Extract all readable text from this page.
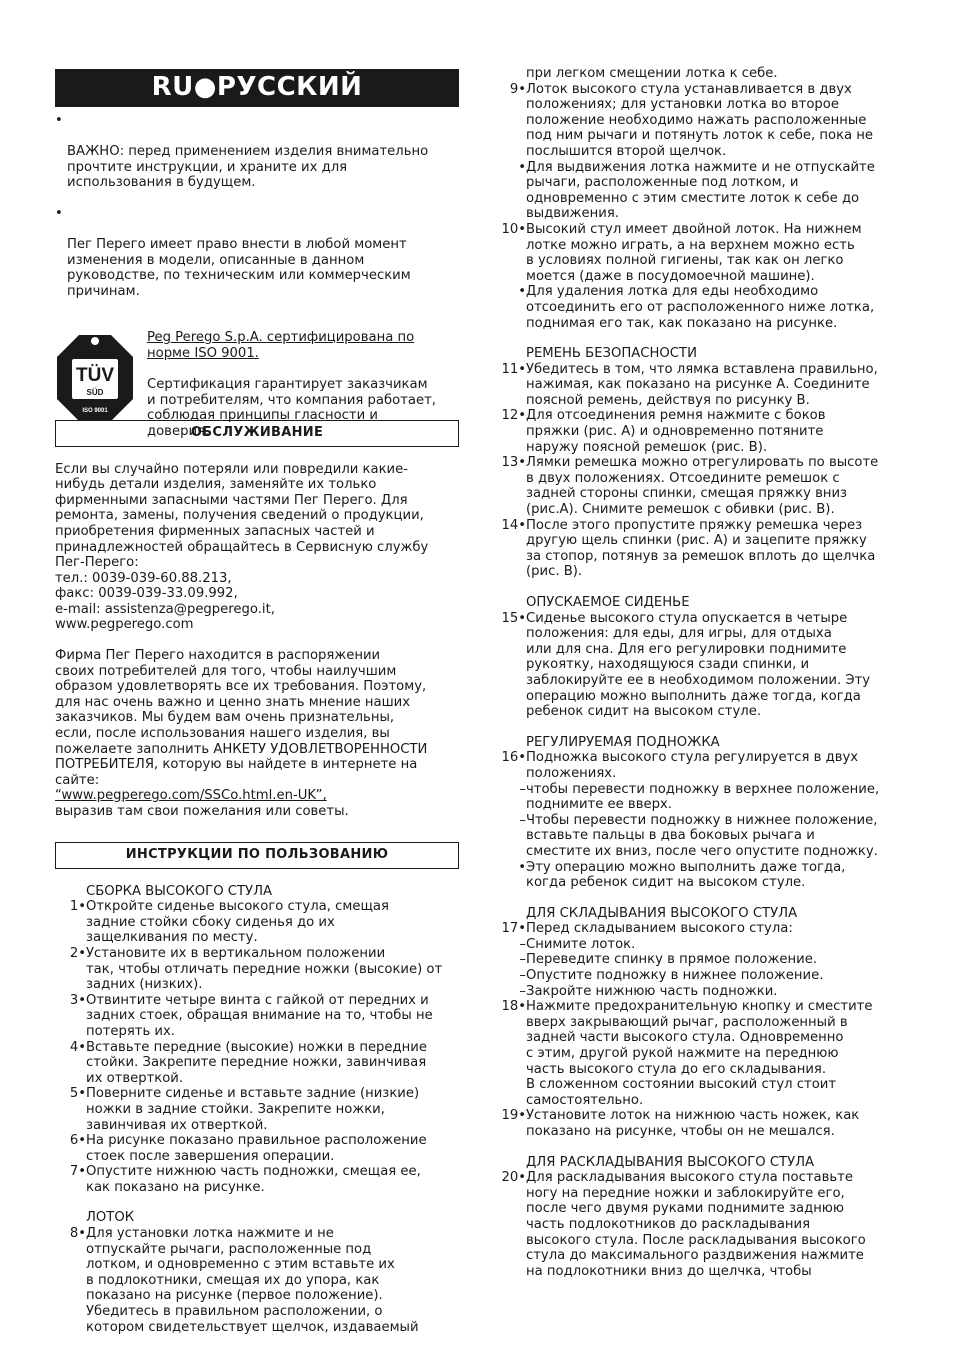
RU●РУССКИЙ

•

ВАЖНО: перед применением изделия внимательно
прочтите инструкции, и храните их для
использования в будущем.

•

Пег Перего имеет право внести в любой момент
изменения в модели, описанные в данном
руководстве, по техническим или коммерческим
причинам.

TÜV
SÜD
ISO 9001

Peg Perego S.p.A. сертифицирована по
норме ISO 9001.

Сертификация гарантирует заказчикам
и потребителям, что компания работает,
соблюдая принципы гласности и
доверия.

ОБСЛУЖИВАНИЕ
Если вы случайно потеряли или повредили какие-
нибудь детали изделия, заменяйте их только
фирменными запасными частями Пег Перего. Для
ремонта, замены, получения сведений о продукции,
приобретения фирменных запасных частей и
принадлежностей обращайтесь в Сервисную службу
Пег-Перего:
тел.: 0039-039-60.88.213,
факс: 0039-039-33.09.992,
e-mail: assistenza@pegperego.it,
www.pegperego.com
Фирма Пег Перего находится в распоряжении
своих потребителей для того, чтобы наилучшим
образом удовлетворять все их требования. Поэтому,
для нас очень важно и ценно знать мнение наших
заказчиков. Мы будем вам очень признательны,
если, после использования нашего изделия, вы
пожелаете заполнить АНКЕТУ УДОВЛЕТВОРЕННОСТИ
ПОТРЕБИТЕЛЯ, которую вы найдете в интернете на
сайте:
“www.pegperego.com/SSCo.html.en-UK”,
выразив там свои пожелания или советы.
ИНСТРУКЦИИ ПО ПОЛЬЗОВАНИЮ
СБОРКА ВЫСОКОГО СТУЛА
1• Откройте сиденье высокого стула, смещая
задние стойки сбоку сиденья до их
защелкивания по месту.
2• Установите их в вертикальном положении
так, чтобы отличать передние ножки (высокие) от
задних (низких).
3• Отвинтите четыре винта с гайкой от передних и
задних стоек, обращая внимание на то, чтобы не
потерять их.
4• Вставьте передние (высокие) ножки в передние
стойки. Закрепите передние ножки, завинчивая
их отверткой.
5• Поверните сиденье и вставьте задние (низкие)
ножки в задние стойки. Закрепите ножки,
завинчивая их отверткой.
6• На рисунке показано правильное расположение
стоек после завершения операции.
7• Опустите нижнюю часть подножки, смещая ее,
как показано на рисунке.
ЛОТОК
8• Для установки лотка нажмите и не
отпускайте рычаги, расположенные под
лотком, и одновременно с этим вставьте их
в подлокотники, смещая их до упора, как
показано на рисунке (первое положение).
Убедитесь в правильном расположении, о
котором свидетельствует щелчок, издаваемый
при легком смещении лотка к себе.
9• Лоток высокого стула устанавливается в двух
положениях; для установки лотка во второе
положение необходимо нажать расположенные
под ним рычаги и потянуть лоток к себе, пока не
послышится второй щелчок.
• Для выдвижения лотка нажмите и не отпускайте
рычаги, расположенные под лотком, и
одновременно с этим сместите лоток к себе до
выдвижения.
10• Высокий стул имеет двойной лоток. На нижнем
лотке можно играть, а на верхнем можно есть
в условиях полной гигиены, так как он легко
моется (даже в посудомоечной машине).
• Для удаления лотка для еды необходимо
отсоединить его от расположенного ниже лотка,
поднимая его так, как показано на рисунке.
РЕМЕНЬ БЕЗОПАСНОСТИ
11• Убедитесь в том, что лямка вставлена правильно,
нажимая, как показано на рисунке А. Соедините
поясной ремень, действуя по рисунку В.
12• Для отсоединения ремня нажмите с боков
пряжки (рис. А) и одновременно потяните
наружу поясной ремешок (рис. В).
13• Лямки ремешка можно отрегулировать по высоте
в двух положениях. Отсоедините ремешок с
задней стороны спинки, смещая пряжку вниз
(рис.А). Снимите ремешок с обивки (рис. В).
14• После этого пропустите пряжку ремешка через
другую щель спинки (рис. А) и зацепите пряжку
за стопор, потянув за ремешок вплоть до щелчка
(рис. В).
ОПУСКАЕМОЕ СИДЕНЬЕ
15• Сиденье высокого стула опускается в четыре
положения: для еды, для игры, для отдыха
или для сна. Для его регулировки поднимите
рукоятку, находящуюся сзади спинки, и
заблокируйте ее в необходимом положении. Эту
операцию можно выполнить даже тогда, когда
ребенок сидит на высоком стуле.
РЕГУЛИРУЕМАЯ ПОДНОЖКА
16• Подножка высокого стула регулируется в двух
положениях.
– чтобы перевести подножку в верхнее положение,
поднимите ее вверх.
– Чтобы перевести подножку в нижнее положение,
вставьте пальцы в два боковых рычага и
сместите их вниз, после чего опустите подножку.
• Эту операцию можно выполнить даже тогда,
когда ребенок сидит на высоком стуле.
ДЛЯ СКЛАДЫВАНИЯ ВЫСОКОГО СТУЛА
17• Перед складыванием высокого стула:
– Снимите лоток.
– Переведите спинку в прямое положение.
– Опустите подножку в нижнее положение.
– Закройте нижнюю часть подножки.
18• Нажмите предохранительную кнопку и сместите
вверх закрывающий рычаг, расположенный в
задней части высокого стула. Одновременно
с этим, другой рукой нажмите на переднюю
часть высокого стула до его складывания.
В сложенном состоянии высокий стул стоит
самостоятельно.
19• Установите лоток на нижнюю часть ножек, как
показано на рисунке, чтобы он не мешался.
ДЛЯ РАСКЛАДЫВАНИЯ ВЫСОКОГО СТУЛА
20• Для раскладывания высокого стула поставьте
ногу на передние ножки и заблокируйте его,
после чего двумя руками поднимите заднюю
часть подлокотников до раскладывания
высокого стула. После раскладывания высокого
стула до максимального раздвижения нажмите
на подлокотники вниз до щелчка, чтобы
